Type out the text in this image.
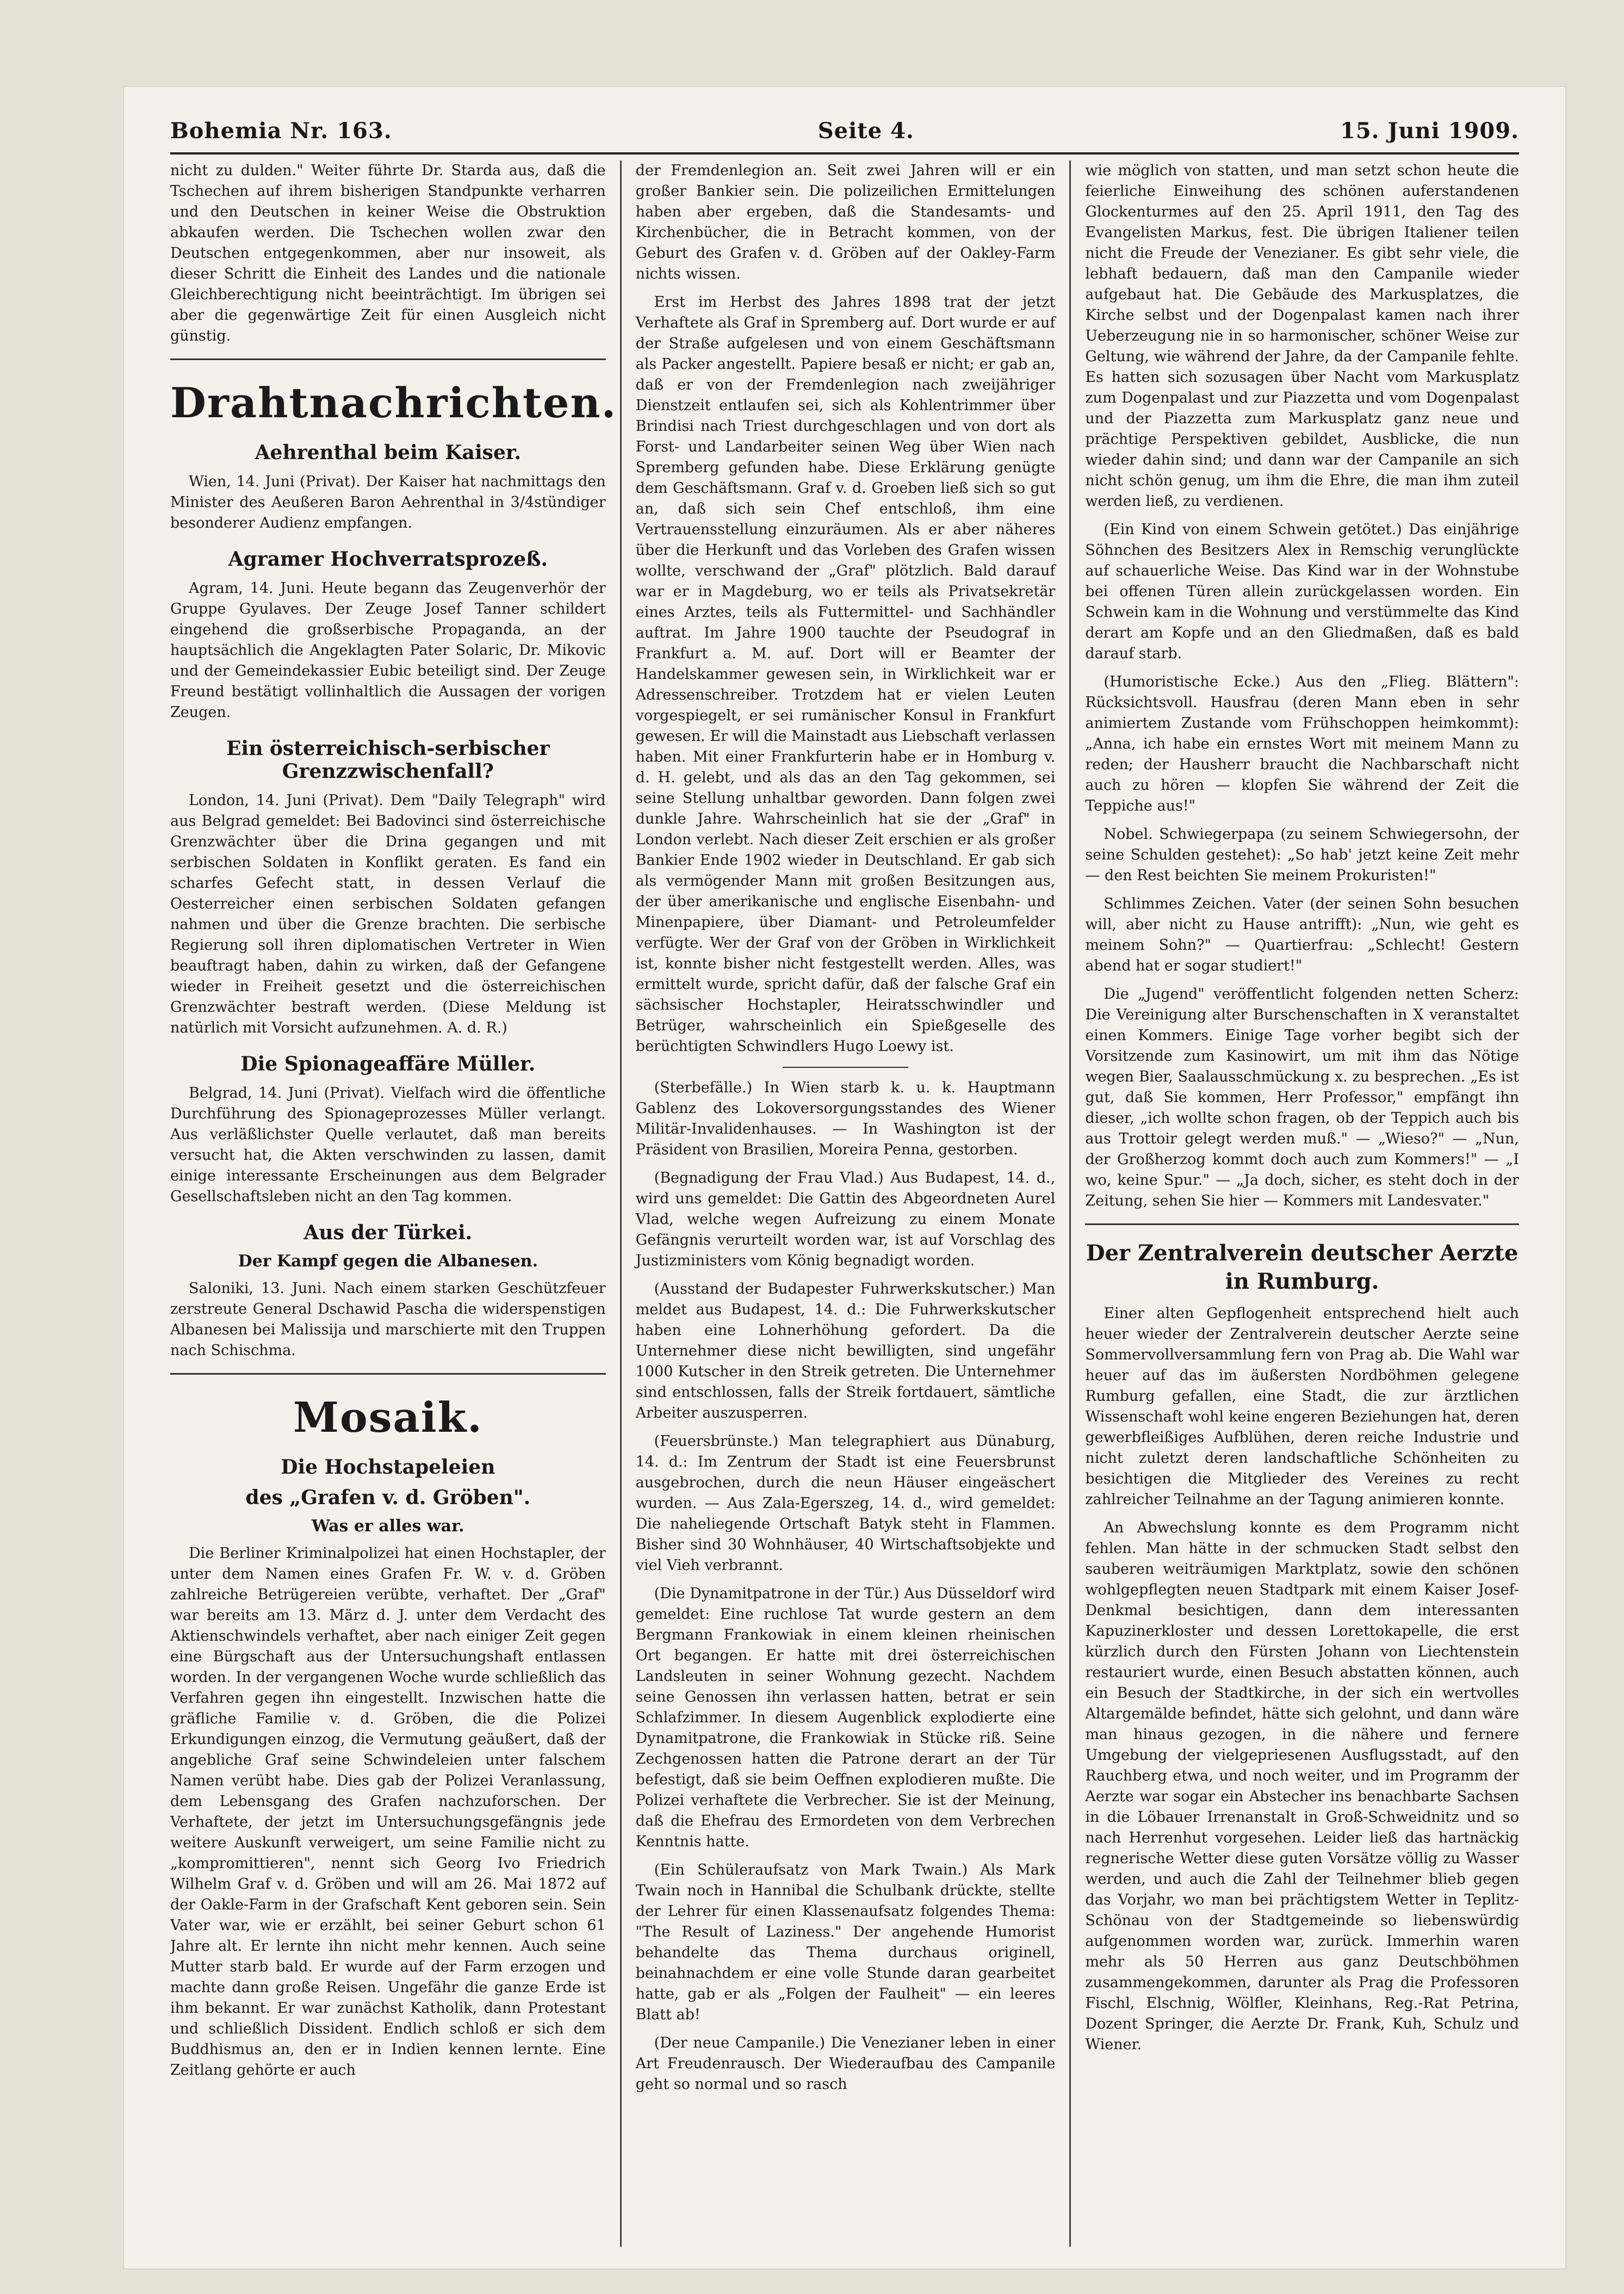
Bohemia Nr. 163.	Seite 4.	15. Juni 1909.

nicht zu dulden." Weiter führte Dr. Starda aus, daß die Tschechen auf ihrem bisherigen Standpunkte verharren und den Deutschen in keiner Weise die Obstruktion abkaufen werden. Die Tschechen wollen zwar den Deutschen entgegenkommen, aber nur insoweit, als dieser Schritt die Einheit des Landes und die nationale Gleichberechtigung nicht beeinträchtigt. Im übrigen sei aber die gegenwärtige Zeit für einen Ausgleich nicht günstig.

Drahtnachrichten.
Aehrenthal beim Kaiser.

Wien, 14. Juni (Privat). Der Kaiser hat nachmittags den Minister des Aeußeren Baron Aehrenthal in 3/4stündiger besonderer Audienz empfangen.

Agramer Hochverratsprozeß.

Agram, 14. Juni. Heute begann das Zeugenverhör der Gruppe Gyulaves. Der Zeuge Josef Tanner schildert eingehend die großserbische Propaganda, an der hauptsächlich die Angeklagten Pater Solaric, Dr. Mikovic und der Gemeindekassier Eubic beteiligt sind. Der Zeuge Freund bestätigt vollinhaltlich die Aussagen der vorigen Zeugen.

Ein österreichisch-serbischer Grenzzwischenfall?

London, 14. Juni (Privat). Dem "Daily Telegraph" wird aus Belgrad gemeldet: Bei Badovinci sind österreichische Grenzwächter über die Drina gegangen und mit serbischen Soldaten in Konflikt geraten. Es fand ein scharfes Gefecht statt, in dessen Verlauf die Oesterreicher einen serbischen Soldaten gefangen nahmen und über die Grenze brachten. Die serbische Regierung soll ihren diplomatischen Vertreter in Wien beauftragt haben, dahin zu wirken, daß der Gefangene wieder in Freiheit gesetzt und die österreichischen Grenzwächter bestraft werden. (Diese Meldung ist natürlich mit Vorsicht aufzunehmen. A. d. R.)

Die Spionageaffäre Müller.

Belgrad, 14. Juni (Privat). Vielfach wird die öffentliche Durchführung des Spionageprozesses Müller verlangt. Aus verläßlichster Quelle verlautet, daß man bereits versucht hat, die Akten verschwinden zu lassen, damit einige interessante Erscheinungen aus dem Belgrader Gesellschaftsleben nicht an den Tag kommen.

Aus der Türkei.
Der Kampf gegen die Albanesen.

Saloniki, 13. Juni. Nach einem starken Geschützfeuer zerstreute General Dschawid Pascha die widerspenstigen Albanesen bei Malissija und marschierte mit den Truppen nach Schischma.

Mosaik.
Die Hochstapeleien
des „Grafen v. d. Gröben".
Was er alles war.

Die Berliner Kriminalpolizei hat einen Hochstapler, der unter dem Namen eines Grafen Fr. W. v. d. Gröben zahlreiche Betrügereien verübte, verhaftet. Der „Graf" war bereits am 13. März d. J. unter dem Verdacht des Aktienschwindels verhaftet, aber nach einiger Zeit gegen eine Bürgschaft aus der Untersuchungshaft entlassen worden. In der vergangenen Woche wurde schließlich das Verfahren gegen ihn eingestellt. Inzwischen hatte die gräfliche Familie v. d. Gröben, die die Polizei Erkundigungen einzog, die Vermutung geäußert, daß der angebliche Graf seine Schwindeleien unter falschem Namen verübt habe. Dies gab der Polizei Veranlassung, dem Lebensgang des Grafen nachzuforschen. Der Verhaftete, der jetzt im Untersuchungsgefängnis jede weitere Auskunft verweigert, um seine Familie nicht zu „kompromittieren", nennt sich Georg Ivo Friedrich Wilhelm Graf v. d. Gröben und will am 26. Mai 1872 auf der Oakle-Farm in der Grafschaft Kent geboren sein. Sein Vater war, wie er erzählt, bei seiner Geburt schon 61 Jahre alt. Er lernte ihn nicht mehr kennen. Auch seine Mutter starb bald. Er wurde auf der Farm erzogen und machte dann große Reisen. Ungefähr die ganze Erde ist ihm bekannt. Er war zunächst Katholik, dann Protestant und schließlich Dissident. Endlich schloß er sich dem Buddhismus an, den er in Indien kennen lernte. Eine Zeitlang gehörte er auch

der Fremdenlegion an. Seit zwei Jahren will er ein großer Bankier sein. Die polizeilichen Ermittelungen haben aber ergeben, daß die Standesamts- und Kirchenbücher, die in Betracht kommen, von der Geburt des Grafen v. d. Gröben auf der Oakley-Farm nichts wissen.

Erst im Herbst des Jahres 1898 trat der jetzt Verhaftete als Graf in Spremberg auf. Dort wurde er auf der Straße aufgelesen und von einem Geschäftsmann als Packer angestellt. Papiere besaß er nicht; er gab an, daß er von der Fremdenlegion nach zweijähriger Dienstzeit entlaufen sei, sich als Kohlentrimmer über Brindisi nach Triest durchgeschlagen und von dort als Forst- und Landarbeiter seinen Weg über Wien nach Spremberg gefunden habe. Diese Erklärung genügte dem Geschäftsmann. Graf v. d. Groeben ließ sich so gut an, daß sich sein Chef entschloß, ihm eine Vertrauensstellung einzuräumen. Als er aber näheres über die Herkunft und das Vorleben des Grafen wissen wollte, verschwand der „Graf" plötzlich. Bald darauf war er in Magdeburg, wo er teils als Privatsekretär eines Arztes, teils als Futtermittel- und Sachhändler auftrat. Im Jahre 1900 tauchte der Pseudograf in Frankfurt a. M. auf. Dort will er Beamter der Handelskammer gewesen sein, in Wirklichkeit war er Adressenschreiber. Trotzdem hat er vielen Leuten vorgespiegelt, er sei rumänischer Konsul in Frankfurt gewesen. Er will die Mainstadt aus Liebschaft verlassen haben. Mit einer Frankfurterin habe er in Homburg v. d. H. gelebt, und als das an den Tag gekommen, sei seine Stellung unhaltbar geworden. Dann folgen zwei dunkle Jahre. Wahrscheinlich hat sie der „Graf" in London verlebt. Nach dieser Zeit erschien er als großer Bankier Ende 1902 wieder in Deutschland. Er gab sich als vermögender Mann mit großen Besitzungen aus, der über amerikanische und englische Eisenbahn- und Minenpapiere, über Diamant- und Petroleumfelder verfügte. Wer der Graf von der Gröben in Wirklichkeit ist, konnte bisher nicht festgestellt werden. Alles, was ermittelt wurde, spricht dafür, daß der falsche Graf ein sächsischer Hochstapler, Heiratsschwindler und Betrüger, wahrscheinlich ein Spießgeselle des berüchtigten Schwindlers Hugo Loewy ist.

(Sterbefälle.) In Wien starb k. u. k. Hauptmann Gablenz des Lokoversorgungsstandes des Wiener Militär-Invalidenhauses. — In Washington ist der Präsident von Brasilien, Moreira Penna, gestorben.

(Begnadigung der Frau Vlad.) Aus Budapest, 14. d., wird uns gemeldet: Die Gattin des Abgeordneten Aurel Vlad, welche wegen Aufreizung zu einem Monate Gefängnis verurteilt worden war, ist auf Vorschlag des Justizministers vom König begnadigt worden.

(Ausstand der Budapester Fuhrwerkskutscher.) Man meldet aus Budapest, 14. d.: Die Fuhrwerkskutscher haben eine Lohnerhöhung gefordert. Da die Unternehmer diese nicht bewilligten, sind ungefähr 1000 Kutscher in den Streik getreten. Die Unternehmer sind entschlossen, falls der Streik fortdauert, sämtliche Arbeiter auszusperren.

(Feuersbrünste.) Man telegraphiert aus Dünaburg, 14. d.: Im Zentrum der Stadt ist eine Feuersbrunst ausgebrochen, durch die neun Häuser eingeäschert wurden. — Aus Zala-Egerszeg, 14. d., wird gemeldet: Die naheliegende Ortschaft Batyk steht in Flammen. Bisher sind 30 Wohnhäuser, 40 Wirtschaftsobjekte und viel Vieh verbrannt.

(Die Dynamitpatrone in der Tür.) Aus Düsseldorf wird gemeldet: Eine ruchlose Tat wurde gestern an dem Bergmann Frankowiak in einem kleinen rheinischen Ort begangen. Er hatte mit drei österreichischen Landsleuten in seiner Wohnung gezecht. Nachdem seine Genossen ihn verlassen hatten, betrat er sein Schlafzimmer. In diesem Augenblick explodierte eine Dynamitpatrone, die Frankowiak in Stücke riß. Seine Zechgenossen hatten die Patrone derart an der Tür befestigt, daß sie beim Oeffnen explodieren mußte. Die Polizei verhaftete die Verbrecher. Sie ist der Meinung, daß die Ehefrau des Ermordeten von dem Verbrechen Kenntnis hatte.

(Ein Schüleraufsatz von Mark Twain.) Als Mark Twain noch in Hannibal die Schulbank drückte, stellte der Lehrer für einen Klassenaufsatz folgendes Thema: "The Result of Laziness." Der angehende Humorist behandelte das Thema durchaus originell, beinahnachdem er eine volle Stunde daran gearbeitet hatte, gab er als „Folgen der Faulheit" — ein leeres Blatt ab!

(Der neue Campanile.) Die Venezianer leben in einer Art Freudenrausch. Der Wiederaufbau des Campanile geht so normal und so rasch

wie möglich von statten, und man setzt schon heute die feierliche Einweihung des schönen auferstandenen Glockenturmes auf den 25. April 1911, den Tag des Evangelisten Markus, fest. Die übrigen Italiener teilen nicht die Freude der Venezianer. Es gibt sehr viele, die lebhaft bedauern, daß man den Campanile wieder aufgebaut hat. Die Gebäude des Markusplatzes, die Kirche selbst und der Dogenpalast kamen nach ihrer Ueberzeugung nie in so harmonischer, schöner Weise zur Geltung, wie während der Jahre, da der Campanile fehlte. Es hatten sich sozusagen über Nacht vom Markusplatz zum Dogenpalast und zur Piazzetta und vom Dogenpalast und der Piazzetta zum Markusplatz ganz neue und prächtige Perspektiven gebildet, Ausblicke, die nun wieder dahin sind; und dann war der Campanile an sich nicht schön genug, um ihm die Ehre, die man ihm zuteil werden ließ, zu verdienen.

(Ein Kind von einem Schwein getötet.) Das einjährige Söhnchen des Besitzers Alex in Remschig verunglückte auf schauerliche Weise. Das Kind war in der Wohnstube bei offenen Türen allein zurückgelassen worden. Ein Schwein kam in die Wohnung und verstümmelte das Kind derart am Kopfe und an den Gliedmaßen, daß es bald darauf starb.

(Humoristische Ecke.) Aus den „Flieg. Blättern": Rücksichtsvoll. Hausfrau (deren Mann eben in sehr animiertem Zustande vom Frühschoppen heimkommt): „Anna, ich habe ein ernstes Wort mit meinem Mann zu reden; der Hausherr braucht die Nachbarschaft nicht auch zu hören — klopfen Sie während der Zeit die Teppiche aus!"

Nobel. Schwiegerpapa (zu seinem Schwiegersohn, der seine Schulden gestehet): „So hab' jetzt keine Zeit mehr — den Rest beichten Sie meinem Prokuristen!"

Schlimmes Zeichen. Vater (der seinen Sohn besuchen will, aber nicht zu Hause antrifft): „Nun, wie geht es meinem Sohn?" — Quartierfrau: „Schlecht! Gestern abend hat er sogar studiert!"

Die „Jugend" veröffentlicht folgenden netten Scherz: Die Vereinigung alter Burschenschaften in X veranstaltet einen Kommers. Einige Tage vorher begibt sich der Vorsitzende zum Kasinowirt, um mit ihm das Nötige wegen Bier, Saalausschmückung x. zu besprechen. „Es ist gut, daß Sie kommen, Herr Professor," empfängt ihn dieser, „ich wollte schon fragen, ob der Teppich auch bis aus Trottoir gelegt werden muß." — „Wieso?" — „Nun, der Großherzog kommt doch auch zum Kommers!" — „I wo, keine Spur." — „Ja doch, sicher, es steht doch in der Zeitung, sehen Sie hier — Kommers mit Landesvater."

Der Zentralverein deutscher Aerzte in Rumburg.

Einer alten Gepflogenheit entsprechend hielt auch heuer wieder der Zentralverein deutscher Aerzte seine Sommervollversammlung fern von Prag ab. Die Wahl war heuer auf das im äußersten Nordböhmen gelegene Rumburg gefallen, eine Stadt, die zur ärztlichen Wissenschaft wohl keine engeren Beziehungen hat, deren gewerbfleißiges Aufblühen, deren reiche Industrie und nicht zuletzt deren landschaftliche Schönheiten zu besichtigen die Mitglieder des Vereines zu recht zahlreicher Teilnahme an der Tagung animieren konnte.

An Abwechslung konnte es dem Programm nicht fehlen. Man hätte in der schmucken Stadt selbst den sauberen weiträumigen Marktplatz, sowie den schönen wohlgepflegten neuen Stadtpark mit einem Kaiser Josef-Denkmal besichtigen, dann dem interessanten Kapuzinerkloster und dessen Lorettokapelle, die erst kürzlich durch den Fürsten Johann von Liechtenstein restauriert wurde, einen Besuch abstatten können, auch ein Besuch der Stadtkirche, in der sich ein wertvolles Altargemälde befindet, hätte sich gelohnt, und dann wäre man hinaus gezogen, in die nähere und fernere Umgebung der vielgepriesenen Ausflugsstadt, auf den Rauchberg etwa, und noch weiter, und im Programm der Aerzte war sogar ein Abstecher ins benachbarte Sachsen in die Löbauer Irrenanstalt in Groß-Schweidnitz und so nach Herrenhut vorgesehen. Leider ließ das hartnäckig regnerische Wetter diese guten Vorsätze völlig zu Wasser werden, und auch die Zahl der Teilnehmer blieb gegen das Vorjahr, wo man bei prächtigstem Wetter in Teplitz-Schönau von der Stadtgemeinde so liebenswürdig aufgenommen worden war, zurück. Immerhin waren mehr als 50 Herren aus ganz Deutschböhmen zusammengekommen, darunter als Prag die Professoren Fischl, Elschnig, Wölfler, Kleinhans, Reg.-Rat Petrina, Dozent Springer, die Aerzte Dr. Frank, Kuh, Schulz und Wiener.
